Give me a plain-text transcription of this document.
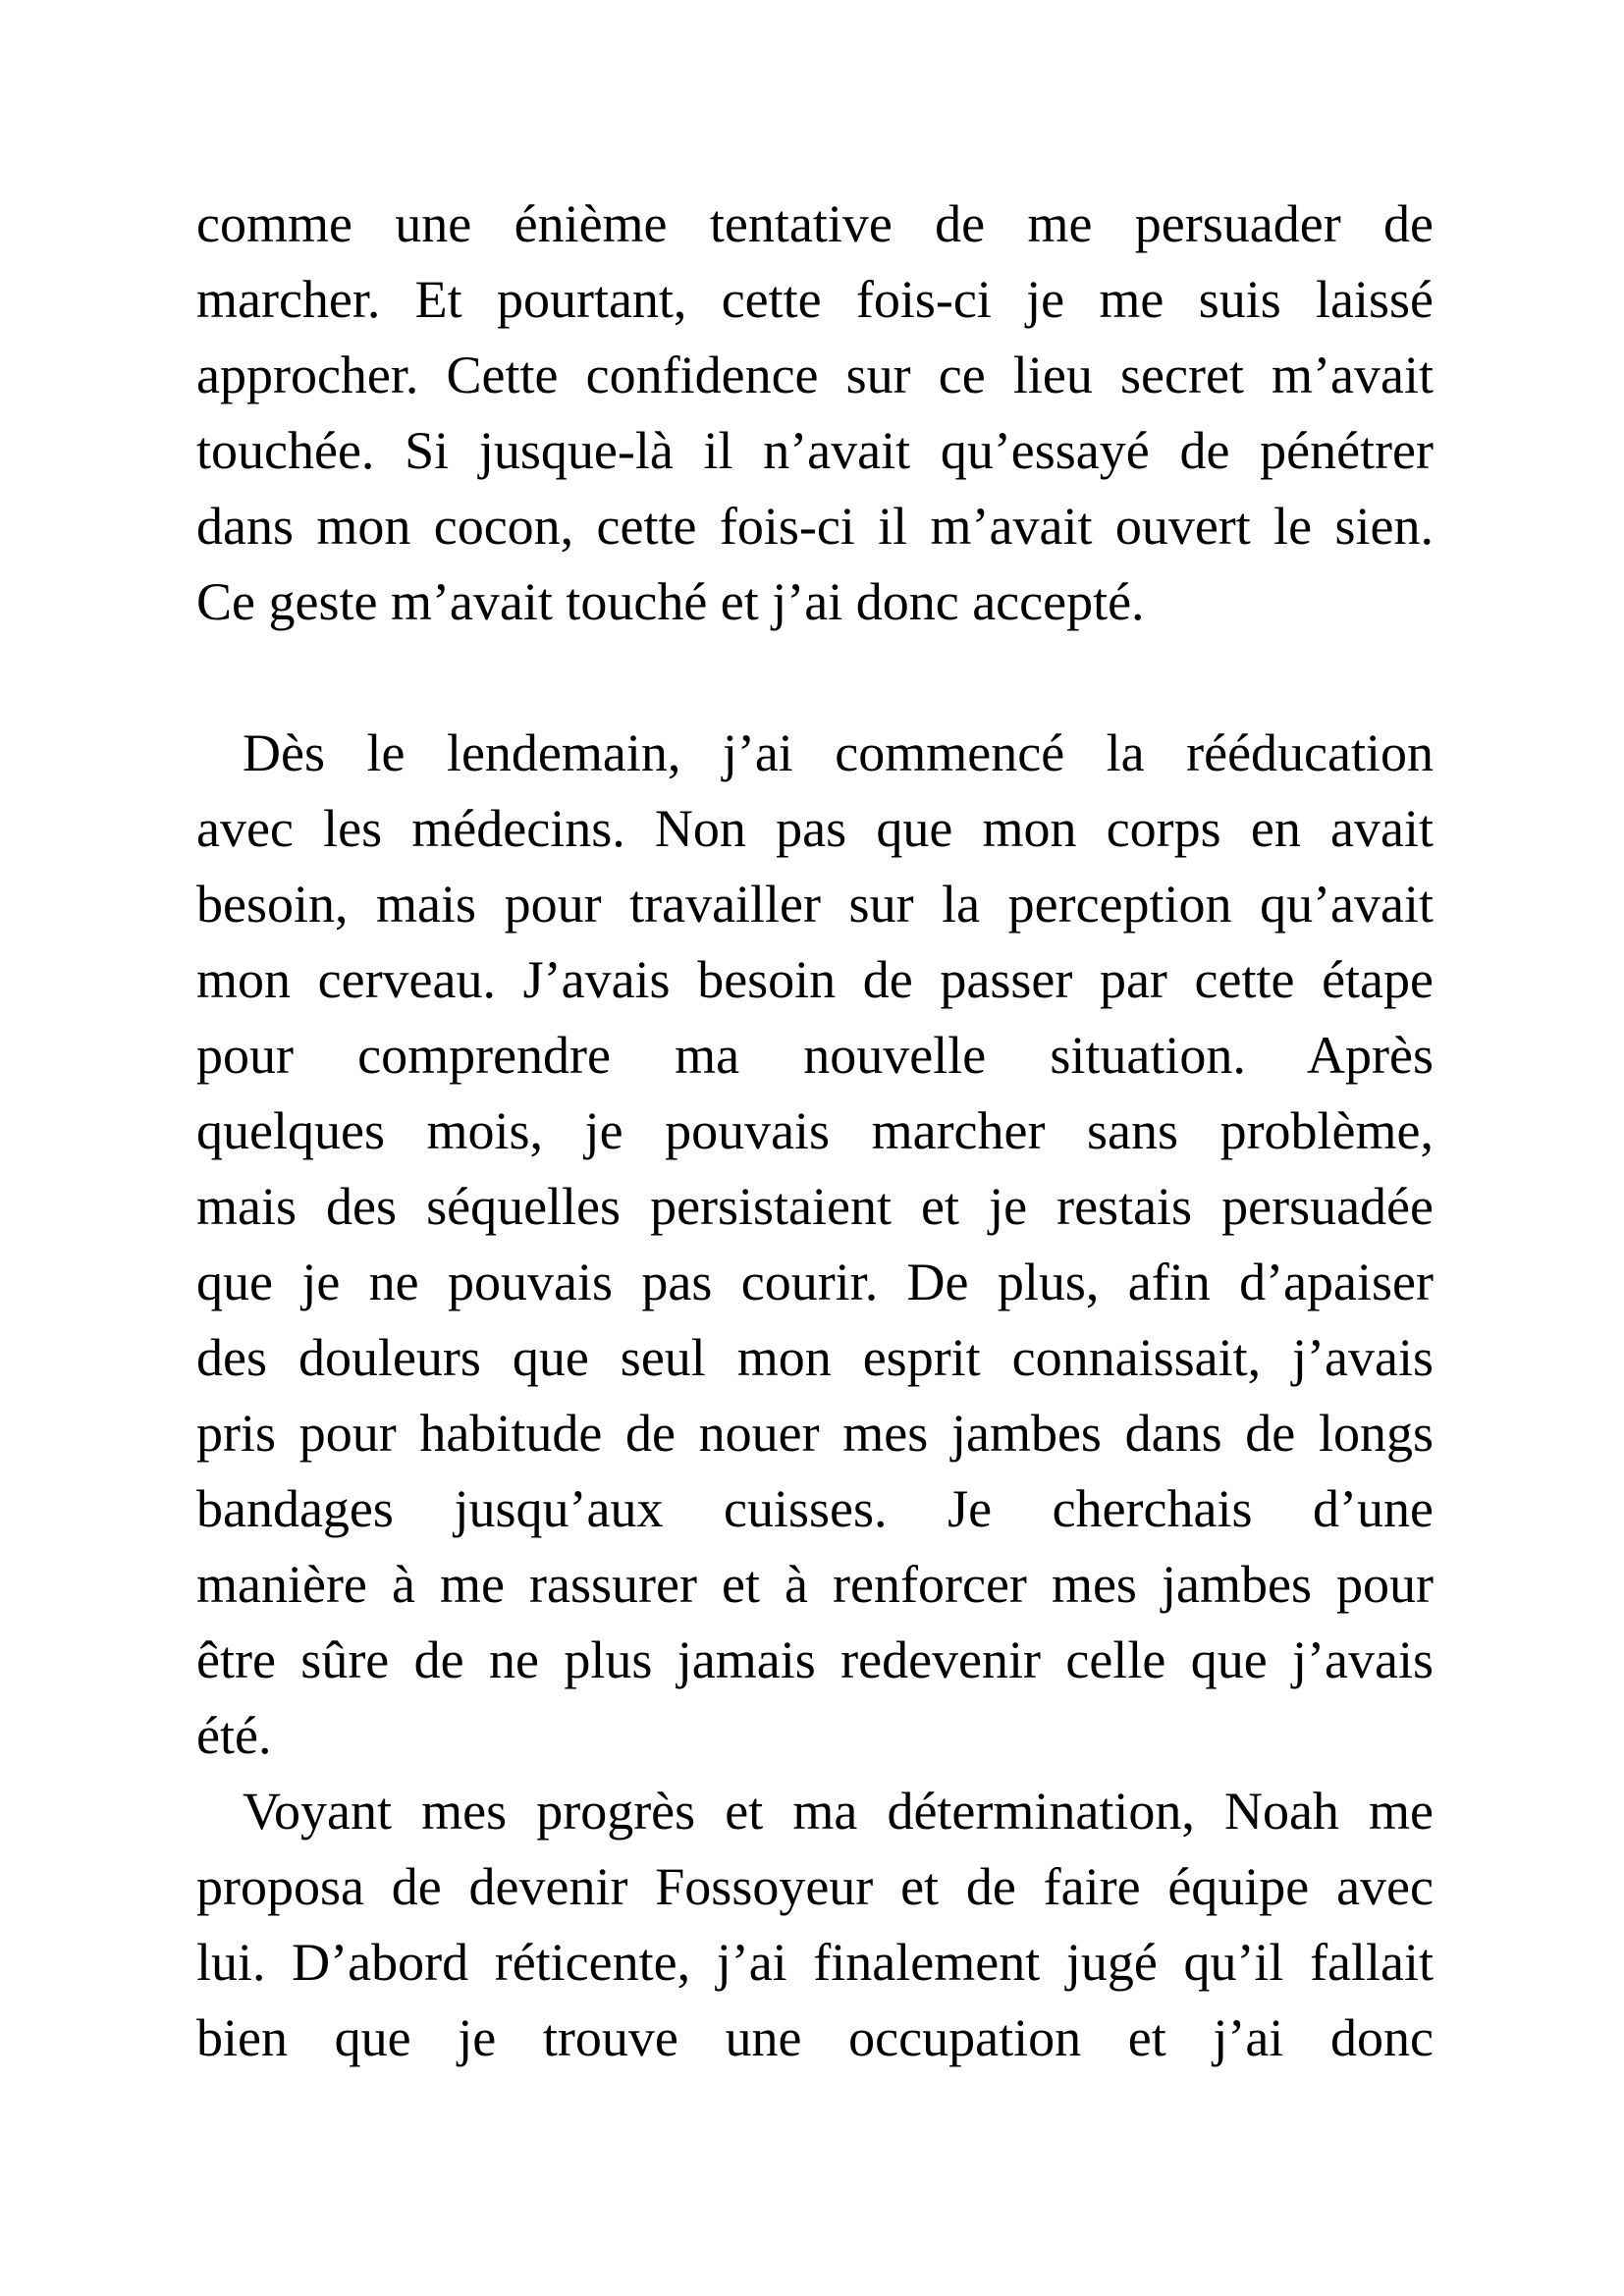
comme une énième tentative de me persuader de
marcher. Et pourtant, cette fois-ci je me suis laissé
approcher. Cette confidence sur ce lieu secret m’avait
touchée. Si jusque-là il n’avait qu’essayé de pénétrer
dans mon cocon, cette fois-ci il m’avait ouvert le sien.
Ce geste m’avait touché et j’ai donc accepté.
Dès le lendemain, j’ai commencé la rééducation
avec les médecins. Non pas que mon corps en avait
besoin, mais pour travailler sur la perception qu’avait
mon cerveau. J’avais besoin de passer par cette étape
pour comprendre ma nouvelle situation. Après
quelques mois, je pouvais marcher sans problème,
mais des séquelles persistaient et je restais persuadée
que je ne pouvais pas courir. De plus, afin d’apaiser
des douleurs que seul mon esprit connaissait, j’avais
pris pour habitude de nouer mes jambes dans de longs
bandages jusqu’aux cuisses. Je cherchais d’une
manière à me rassurer et à renforcer mes jambes pour
être sûre de ne plus jamais redevenir celle que j’avais
été.
Voyant mes progrès et ma détermination, Noah me
proposa de devenir Fossoyeur et de faire équipe avec
lui. D’abord réticente, j’ai finalement jugé qu’il fallait
bien que je trouve une occupation et j’ai donc
